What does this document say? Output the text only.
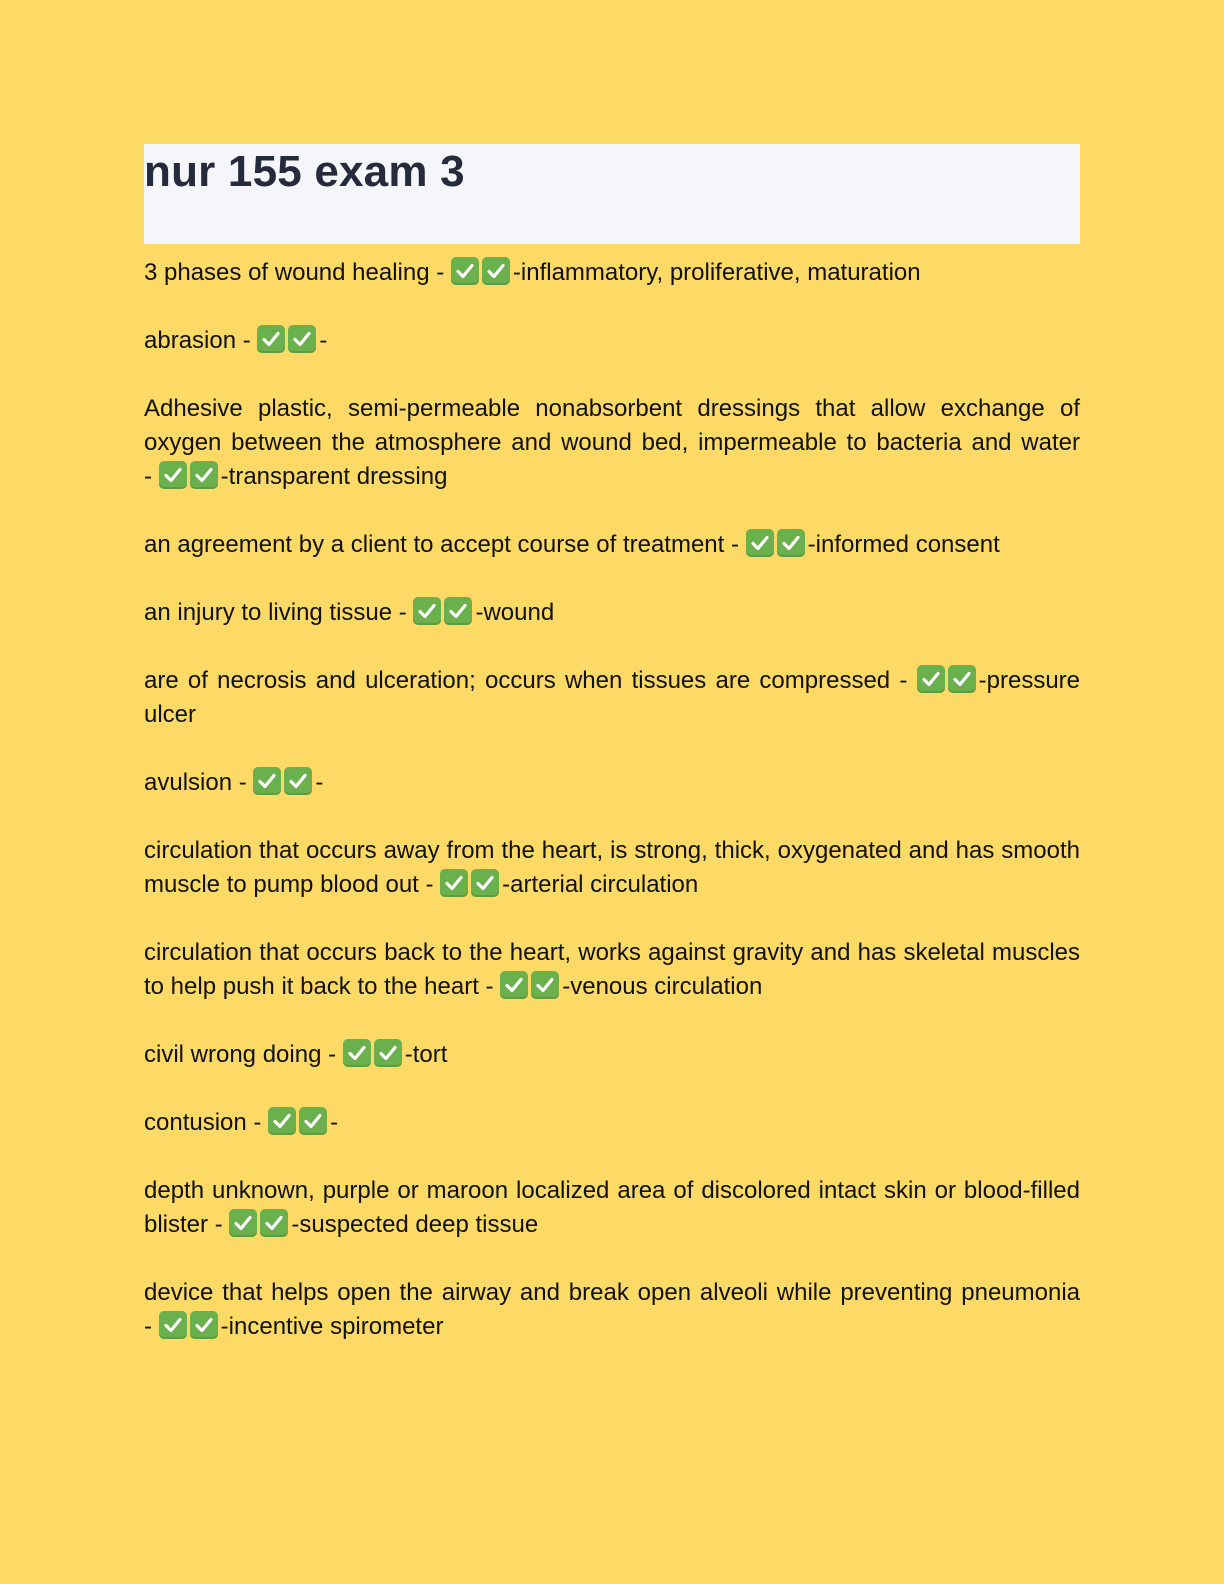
nur 155 exam 3

3 phases of wound healing -	-inflammatory, proliferative, maturation

abrasion -	-

Adhesive plastic, semi-permeable nonabsorbent dressings that allow exchange of oxygen between the atmosphere and wound bed, impermeable to bacteria and water -	-transparent dressing

an agreement by a client to accept course of treatment -	-informed consent

an injury to living tissue -	-wound

are of necrosis and ulceration; occurs when tissues are compressed -	-pressure ulcer

avulsion -	-

circulation that occurs away from the heart, is strong, thick, oxygenated and has smooth muscle to pump blood out -	-arterial circulation

circulation that occurs back to the heart, works against gravity and has skeletal muscles to help push it back to the heart -	-venous circulation

civil wrong doing -	-tort

contusion -	-

depth unknown, purple or maroon localized area of discolored intact skin or blood-filled blister -	-suspected deep tissue

device that helps open the airway and break open alveoli while preventing pneumonia -	-incentive spirometer
